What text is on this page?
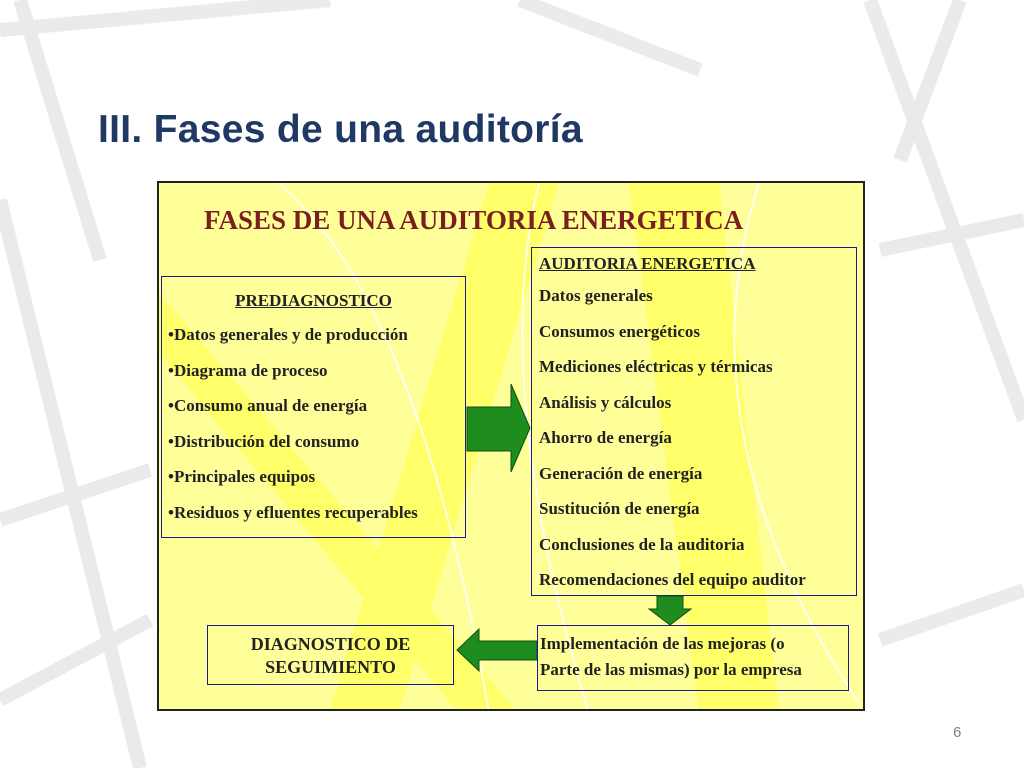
III. Fases de una auditoría
FASES DE UNA AUDITORIA ENERGETICA
PREDIAGNOSTICO
•Datos generales y de producción
•Diagrama de proceso
•Consumo anual de energía
•Distribución del consumo
•Principales equipos
•Residuos y efluentes recuperables
AUDITORIA ENERGETICA
Datos generales
Consumos energéticos
Mediciones eléctricas y térmicas
Análisis y cálculos
Ahorro de energía
Generación de energía
Sustitución de energía
Conclusiones de la auditoria
Recomendaciones del equipo auditor
DIAGNOSTICO DE
SEGUIMIENTO
Implementación de las mejoras (o
Parte de las mismas) por la empresa
6
